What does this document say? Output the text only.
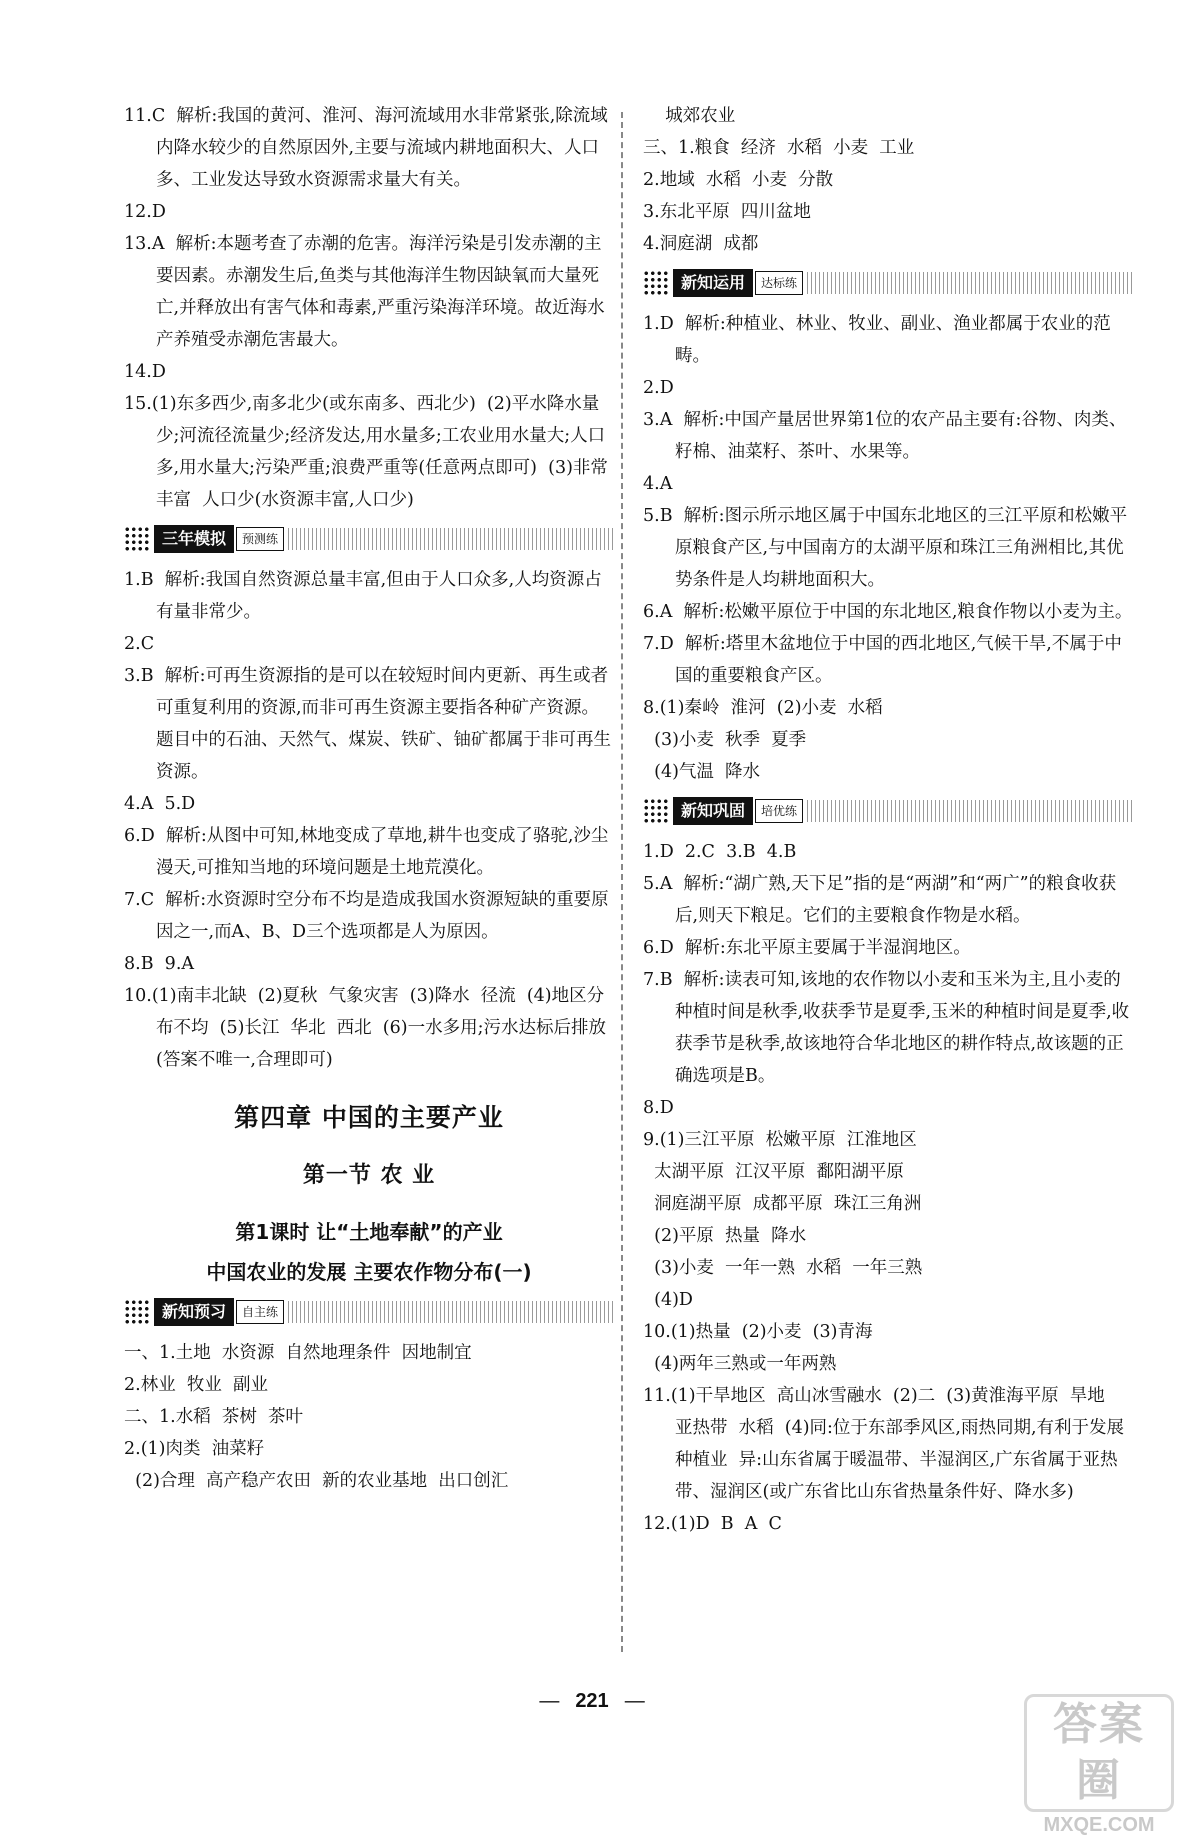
11.C  解析:我国的黄河、淮河、海河流域用水非常紧张,除流域内降水较少的自然原因外,主要与流域内耕地面积大、人口多、工业发达导致水资源需求量大有关。

12.D

13.A  解析:本题考查了赤潮的危害。海洋污染是引发赤潮的主要因素。赤潮发生后,鱼类与其他海洋生物因缺氧而大量死亡,并释放出有害气体和毒素,严重污染海洋环境。故近海水产养殖受赤潮危害最大。

14.D

15.(1)东多西少,南多北少(或东南多、西北少)  (2)平水降水量少;河流径流量少;经济发达,用水量多;工农业用水量大;人口多,用水量大;污染严重;浪费严重等(任意两点即可)  (3)非常丰富  人口少(水资源丰富,人口少)

三年模拟	预测练

1.B  解析:我国自然资源总量丰富,但由于人口众多,人均资源占有量非常少。

2.C

3.B  解析:可再生资源指的是可以在较短时间内更新、再生或者可重复利用的资源,而非可再生资源主要指各种矿产资源。题目中的石油、天然气、煤炭、铁矿、铀矿都属于非可再生资源。

4.A  5.D

6.D  解析:从图中可知,林地变成了草地,耕牛也变成了骆驼,沙尘漫天,可推知当地的环境问题是土地荒漠化。

7.C  解析:水资源时空分布不均是造成我国水资源短缺的重要原因之一,而A、B、D三个选项都是人为原因。

8.B  9.A

10.(1)南丰北缺  (2)夏秋  气象灾害  (3)降水  径流  (4)地区分布不均  (5)长江  华北  西北  (6)一水多用;污水达标后排放(答案不唯一,合理即可)

第四章 中国的主要产业
第一节 农 业
第1课时 让“土地奉献”的产业
中国农业的发展 主要农作物分布(一)
新知预习	自主练

一、1.土地  水资源  自然地理条件  因地制宜

2.林业  牧业  副业

二、1.水稻  茶树  茶叶

2.(1)肉类  油菜籽

(2)合理  高产稳产农田  新的农业基地  出口创汇

城郊农业

三、1.粮食  经济  水稻  小麦  工业

2.地域  水稻  小麦  分散

3.东北平原  四川盆地

4.洞庭湖  成都

新知运用	达标练

1.D  解析:种植业、林业、牧业、副业、渔业都属于农业的范畴。

2.D

3.A  解析:中国产量居世界第1位的农产品主要有:谷物、肉类、籽棉、油菜籽、茶叶、水果等。

4.A

5.B  解析:图示所示地区属于中国东北地区的三江平原和松嫩平原粮食产区,与中国南方的太湖平原和珠江三角洲相比,其优势条件是人均耕地面积大。

6.A  解析:松嫩平原位于中国的东北地区,粮食作物以小麦为主。

7.D  解析:塔里木盆地位于中国的西北地区,气候干旱,不属于中国的重要粮食产区。

8.(1)秦岭  淮河  (2)小麦  水稻

(3)小麦  秋季  夏季

(4)气温  降水

新知巩固	培优练

1.D  2.C  3.B  4.B

5.A  解析:“湖广熟,天下足”指的是“两湖”和“两广”的粮食收获后,则天下粮足。它们的主要粮食作物是水稻。

6.D  解析:东北平原主要属于半湿润地区。

7.B  解析:读表可知,该地的农作物以小麦和玉米为主,且小麦的种植时间是秋季,收获季节是夏季,玉米的种植时间是夏季,收获季节是秋季,故该地符合华北地区的耕作特点,故该题的正确选项是B。

8.D

9.(1)三江平原  松嫩平原  江淮地区

太湖平原  江汉平原  鄱阳湖平原

洞庭湖平原  成都平原  珠江三角洲

(2)平原  热量  降水

(3)小麦  一年一熟  水稻  一年三熟

(4)D

10.(1)热量  (2)小麦  (3)青海

(4)两年三熟或一年两熟

11.(1)干旱地区  高山冰雪融水  (2)二  (3)黄淮海平原  旱地  亚热带  水稻  (4)同:位于东部季风区,雨热同期,有利于发展种植业  异:山东省属于暖温带、半湿润区,广东省属于亚热带、湿润区(或广东省比山东省热量条件好、降水多)

12.(1)D  B  A  C

— 221 —	答案圈
MXQE.COM
